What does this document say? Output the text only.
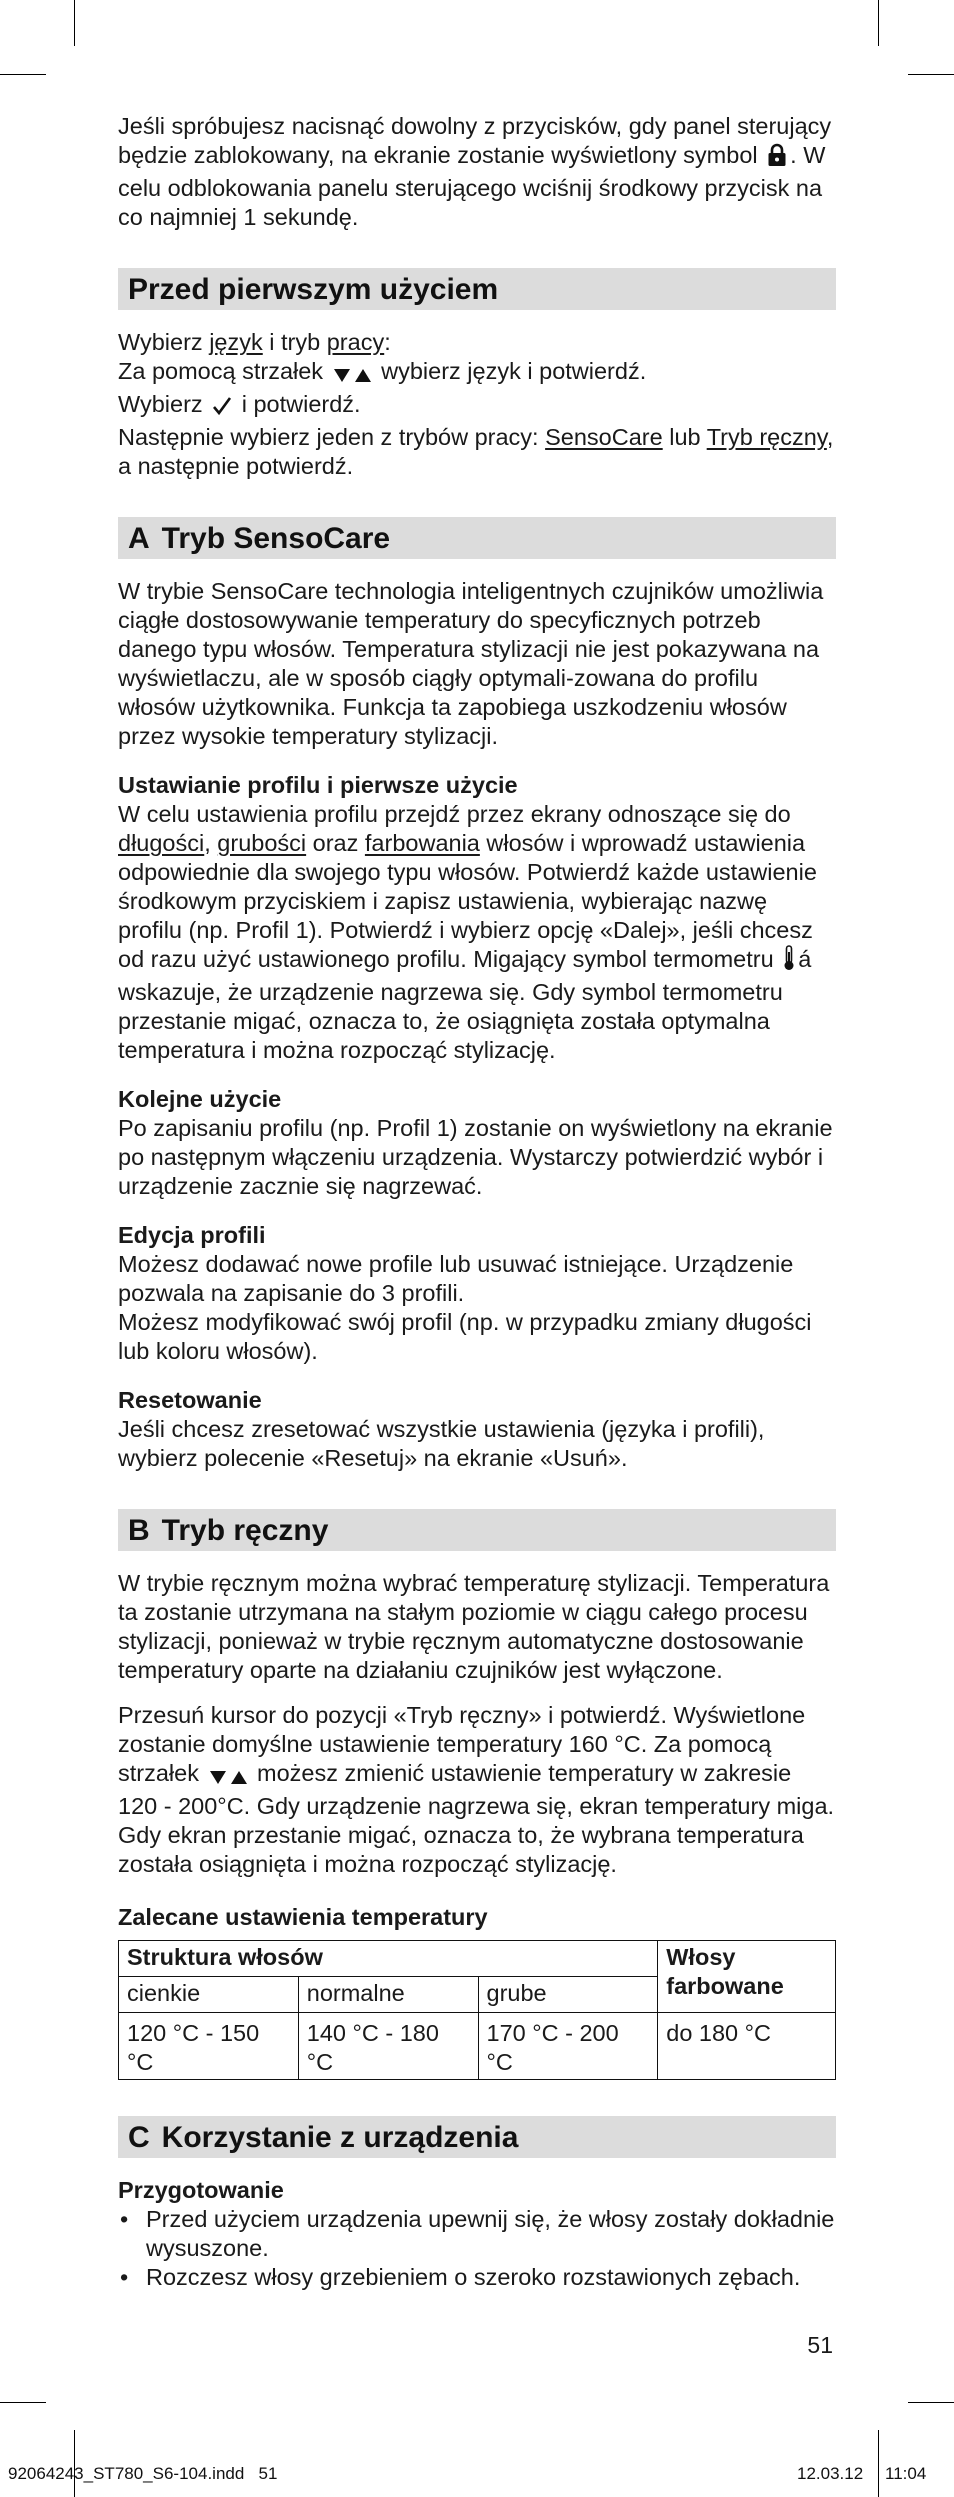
Jeśli spróbujesz nacisnąć dowolny z przycisków, gdy panel sterujący będzie zablokowany, na ekranie zostanie wyświetlony symbol . W celu odblokowania panelu sterującego wciśnij środkowy przycisk na co najmniej 1 sekundę.

Przed pierwszym użyciem

Wybierz język i tryb pracy:

Za pomocą strzałek wybierz język i potwierdź.

Wybierz i potwierdź.

Następnie wybierz jeden z trybów pracy: SensoCare lub Tryb ręczny, a następnie potwierdź.

A Tryb SensoCare

W trybie SensoCare technologia inteligentnych czujników umożliwia ciągłe dostosowywanie temperatury do specyficznych potrzeb danego typu włosów. Temperatura stylizacji nie jest pokazywana na wyświetlaczu, ale w sposób ciągły optymali-zowana do profilu włosów użytkownika. Funkcja ta zapobiega uszkodzeniu włosów przez wysokie temperatury stylizacji.

Ustawianie profilu i pierwsze użycie

W celu ustawienia profilu przejdź przez ekrany odnoszące się do długości, grubości oraz farbowania włosów i wprowadź ustawienia odpowiednie dla swojego typu włosów. Potwierdź każde ustawienie środkowym przyciskiem i zapisz ustawienia, wybierając nazwę profilu (np. Profil 1). Potwierdź i wybierz opcję «Dalej», jeśli chcesz od razu użyć ustawionego profilu. Migający symbol termometru á wskazuje, że urządzenie nagrzewa się. Gdy symbol termometru przestanie migać, oznacza to, że osiągnięta została optymalna temperatura i można rozpocząć stylizację.

Kolejne użycie

Po zapisaniu profilu (np. Profil 1) zostanie on wyświetlony na ekranie po następnym włączeniu urządzenia. Wystarczy potwierdzić wybór i urządzenie zacznie się nagrzewać.

Edycja profili

Możesz dodawać nowe profile lub usuwać istniejące. Urządzenie pozwala na zapisanie do 3 profili.

Możesz modyfikować swój profil (np. w przypadku zmiany długości lub koloru włosów).

Resetowanie

Jeśli chcesz zresetować wszystkie ustawienia (języka i profili), wybierz polecenie «Resetuj» na ekranie «Usuń».

B Tryb ręczny

W trybie ręcznym można wybrać temperaturę stylizacji. Temperatura ta zostanie utrzymana na stałym poziomie w ciągu całego procesu stylizacji, ponieważ w trybie ręcznym automatyczne dostosowanie temperatury oparte na działaniu czujników jest wyłączone.

Przesuń kursor do pozycji «Tryb ręczny» i potwierdź. Wyświetlone zostanie domyślne ustawienie temperatury 160 °C. Za pomocą strzałek możesz zmienić ustawienie temperatury w zakresie 120 - 200°C. Gdy urządzenie nagrzewa się, ekran temperatury miga. Gdy ekran przestanie migać, oznacza to, że wybrana temperatura została osiągnięta i można rozpocząć stylizację.

Zalecane ustawienia temperatury

Struktura włosów			Włosy farbowane
cienkie	normalne	grube	
120 °C - 150 °C	140 °C - 180 °C	170 °C - 200 °C	do 180 °C
C Korzystanie z urządzenia

Przygotowanie

• Przed użyciem urządzenia upewnij się, że włosy zostały dokładnie wysuszone.
• Rozczesz włosy grzebieniem o szeroko rozstawionych zębach.
51
92064243_ST780_S6-104.indd   51	12.03.12 11:04
